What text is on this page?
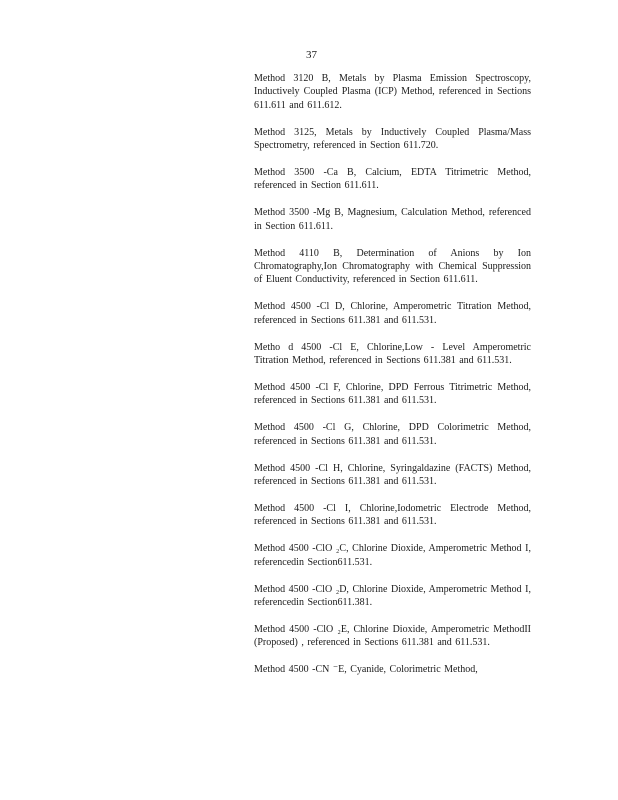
37
Method 3120 B, Metals by Plasma Emission Spectroscopy, Inductively Coupled Plasma (ICP) Method, referenced in Sections 611.611 and 611.612.
Method 3125, Metals by Inductively Coupled Plasma/Mass Spectrometry, referenced in Section 611.720.
Method 3500 -Ca B, Calcium, EDTA Titrimetric Method, referenced in Section 611.611.
Method 3500 -Mg B, Magnesium, Calculation Method, referenced in Section 611.611.
Method 4110 B, Determination of Anions by Ion Chromatography,Ion Chromatography with Chemical Suppression of Eluent Conductivity, referenced in Section 611.611.
Method 4500 -Cl D, Chlorine, Amperometric Titration Method, referenced in Sections 611.381 and 611.531.
Metho d 4500 -Cl E, Chlorine,Low - Level Amperometric Titration Method, referenced in Sections 611.381 and 611.531.
Method 4500 -Cl F, Chlorine, DPD Ferrous Titrimetric Method, referenced in Sections 611.381 and 611.531.
Method 4500 -Cl G, Chlorine, DPD Colorimetric Method, referenced in Sections 611.381 and 611.531.
Method 4500 -Cl H, Chlorine, Syringaldazine (FACTS) Method, referenced in Sections 611.381 and 611.531.
Method 4500 -Cl I, Chlorine,Iodometric Electrode Method, referenced in Sections 611.381 and 611.531.
Method 4500 -ClO ₂C, Chlorine Dioxide, Amperometric Method I, referencedin Section611.531.
Method 4500 -ClO ₂D, Chlorine Dioxide, Amperometric Method I, referencedin Section611.381.
Method 4500 -ClO ₂E, Chlorine Dioxide, Amperometric MethodII (Proposed) , referenced in Sections 611.381 and 611.531.
Method 4500 -CN ⁻E, Cyanide, Colorimetric Method,
